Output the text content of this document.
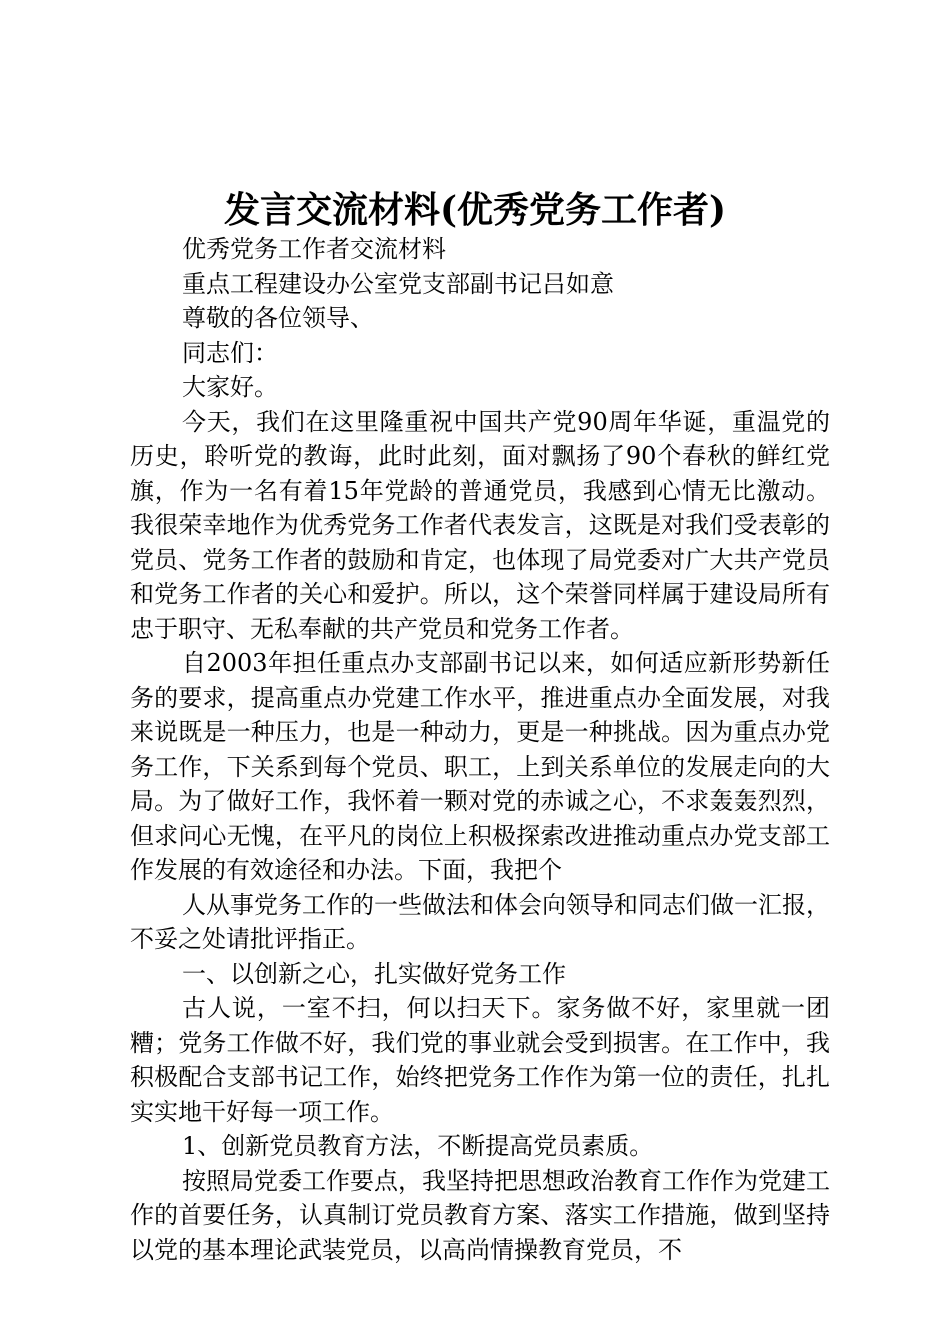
发言交流材料(优秀党务工作者)

优秀党务工作者交流材料

重点工程建设办公室党支部副书记吕如意

尊敬的各位领导、

同志们：

大家好。

今天，我们在这里隆重祝中国共产党90周年华诞，重温党的历史，聆听党的教诲，此时此刻，面对飘扬了90个春秋的鲜红党旗，作为一名有着15年党龄的普通党员，我感到心情无比激动。我很荣幸地作为优秀党务工作者代表发言，这既是对我们受表彰的党员、党务工作者的鼓励和肯定，也体现了局党委对广大共产党员和党务工作者的关心和爱护。所以，这个荣誉同样属于建设局所有忠于职守、无私奉献的共产党员和党务工作者。

自2003年担任重点办支部副书记以来，如何适应新形势新任务的要求，提高重点办党建工作水平，推进重点办全面发展，对我来说既是一种压力，也是一种动力，更是一种挑战。因为重点办党务工作，下关系到每个党员、职工，上到关系单位的发展走向的大局。为了做好工作，我怀着一颗对党的赤诚之心，不求轰轰烈烈，但求问心无愧，在平凡的岗位上积极探索改进推动重点办党支部工作发展的有效途径和办法。下面，我把个

人从事党务工作的一些做法和体会向领导和同志们做一汇报，不妥之处请批评指正。

一、以创新之心，扎实做好党务工作

古人说，一室不扫，何以扫天下。家务做不好，家里就一团糟；党务工作做不好，我们党的事业就会受到损害。在工作中，我积极配合支部书记工作，始终把党务工作作为第一位的责任，扎扎实实地干好每一项工作。

1、创新党员教育方法，不断提高党员素质。

按照局党委工作要点，我坚持把思想政治教育工作作为党建工作的首要任务，认真制订党员教育方案、落实工作措施，做到坚持以党的基本理论武装党员，以高尚情操教育党员，不
